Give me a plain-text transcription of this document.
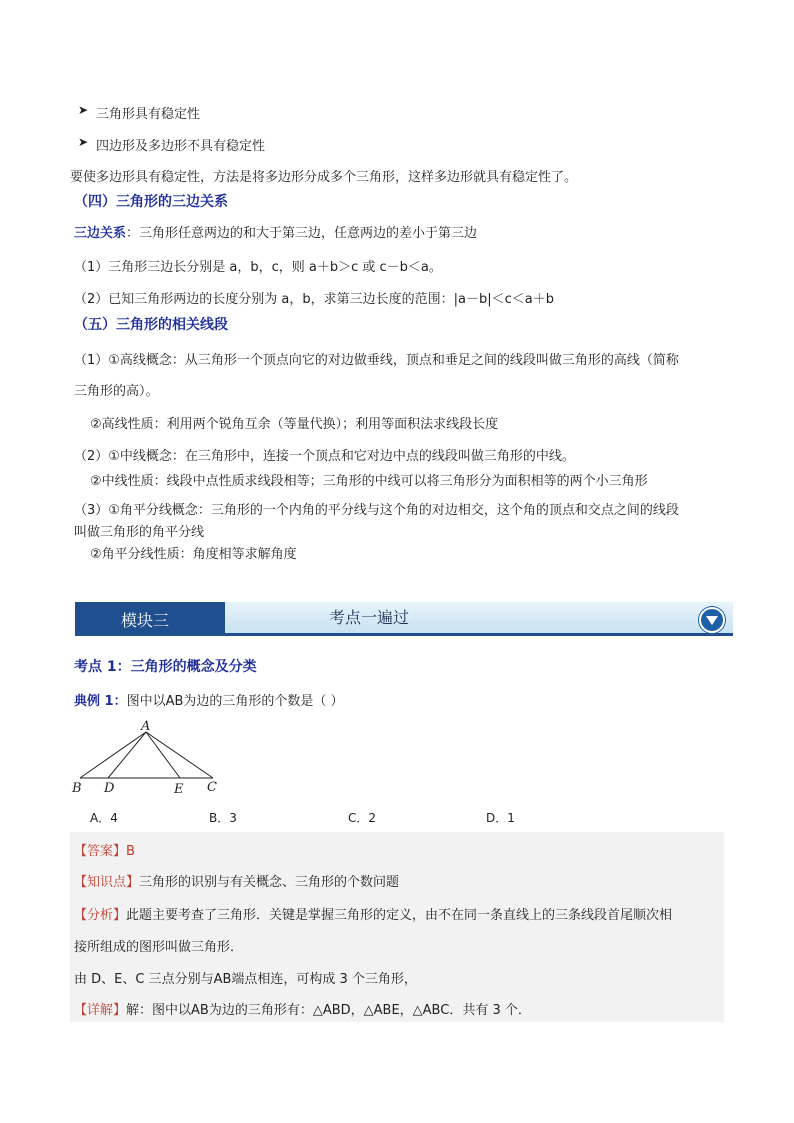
➤ 三角形具有稳定性
➤ 四边形及多边形不具有稳定性
要使多边形具有稳定性，方法是将多边形分成多个三角形，这样多边形就具有稳定性了。
（四）三角形的三边关系
三边关系：三角形任意两边的和大于第三边，任意两边的差小于第三边
（1）三角形三边长分别是 a，b，c，则 a＋b＞c 或 c－b＜a。
（2）已知三角形两边的长度分别为 a，b，求第三边长度的范围：|a－b|＜c＜a＋b
（五）三角形的相关线段
（1）①高线概念：从三角形一个顶点向它的对边做垂线，顶点和垂足之间的线段叫做三角形的高线（简称
三角形的高）。
②高线性质：利用两个锐角互余（等量代换）；利用等面积法求线段长度
（2）①中线概念：在三角形中，连接一个顶点和它对边中点的线段叫做三角形的中线。
②中线性质：线段中点性质求线段相等；三角形的中线可以将三角形分为面积相等的两个小三角形
（3）①角平分线概念：三角形的一个内角的平分线与这个角的对边相交，这个角的顶点和交点之间的线段
叫做三角形的角平分线
②角平分线性质：角度相等求解角度
模块三	考点一遍过
考点 1：三角形的概念及分类
典例 1：图中以AB为边的三角形的个数是（ ）
A
B D	E C
A．4	B．3	C．2	D．1
【答案】B
【知识点】三角形的识别与有关概念、三角形的个数问题
【分析】此题主要考查了三角形．关键是掌握三角形的定义，由不在同一条直线上的三条线段首尾顺次相
接所组成的图形叫做三角形．
由 D、E、C 三点分别与AB端点相连，可构成 3 个三角形，
【详解】解：图中以AB为边的三角形有：△ABD，△ABE，△ABC．共有 3 个．
